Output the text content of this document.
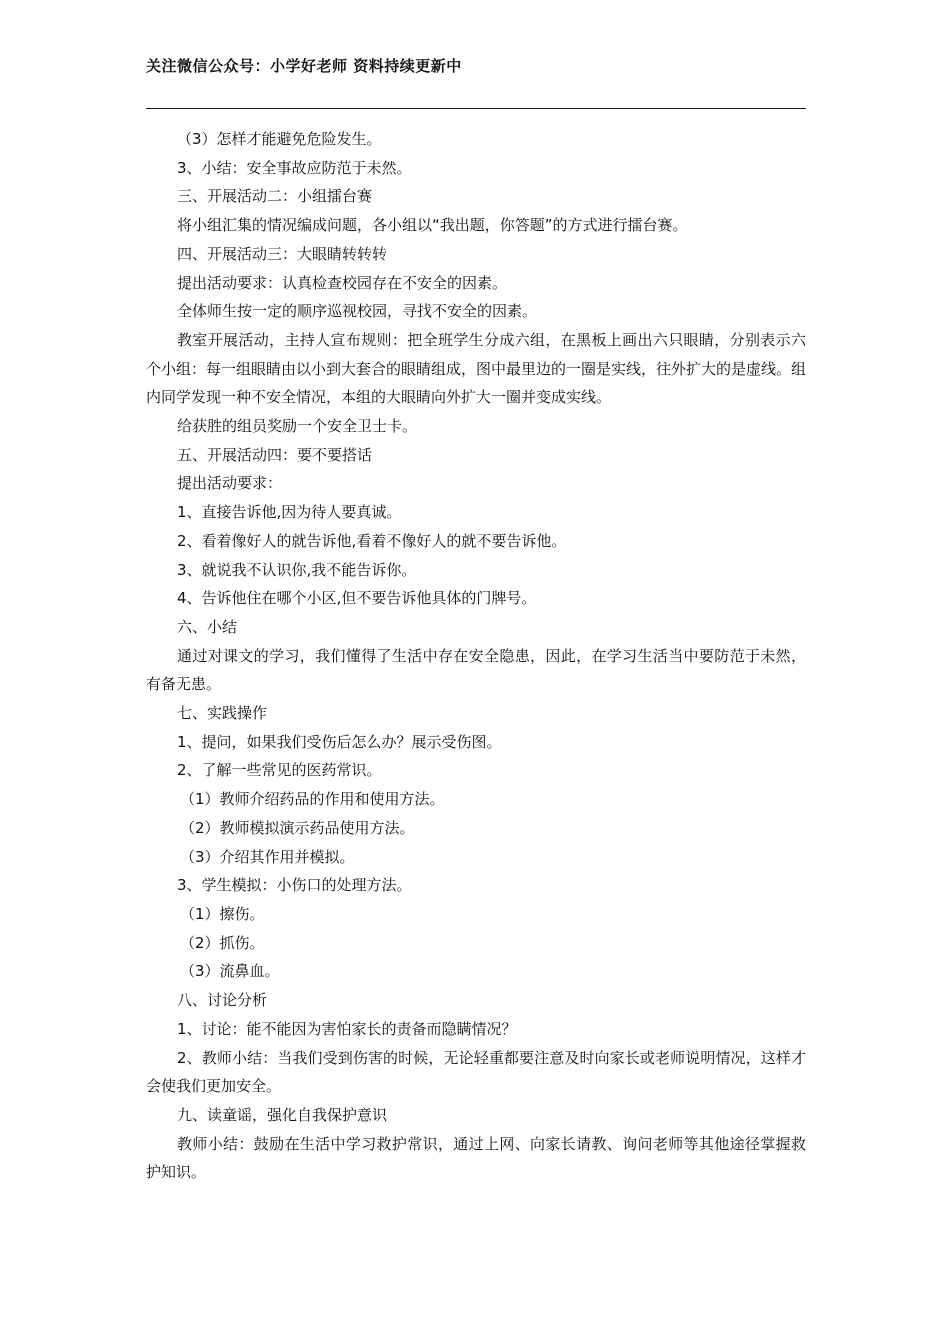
关注微信公众号：小学好老师 资料持续更新中

（3）怎样才能避免危险发生。

3、小结：安全事故应防范于未然。

三、开展活动二：小组擂台赛

将小组汇集的情况编成问题，各小组以“我出题，你答题”的方式进行擂台赛。

四、开展活动三：大眼睛转转转

提出活动要求：认真检查校园存在不安全的因素。

全体师生按一定的顺序巡视校园，寻找不安全的因素。

教室开展活动，主持人宣布规则：把全班学生分成六组，在黑板上画出六只眼睛，分别表示六个小组：每一组眼睛由以小到大套合的眼睛组成，图中最里边的一圈是实线，往外扩大的是虚线。组内同学发现一种不安全情况，本组的大眼睛向外扩大一圈并变成实线。

给获胜的组员奖励一个安全卫士卡。

五、开展活动四：要不要搭话

提出活动要求：

1、直接告诉他,因为待人要真诚。

2、看着像好人的就告诉他,看着不像好人的就不要告诉他。

3、就说我不认识你,我不能告诉你。

4、告诉他住在哪个小区,但不要告诉他具体的门牌号。

六、小结

通过对课文的学习，我们懂得了生活中存在安全隐患，因此，在学习生活当中要防范于未然，有备无患。

七、实践操作

1、提问，如果我们受伤后怎么办？展示受伤图。

2、了解一些常见的医药常识。

（1）教师介绍药品的作用和使用方法。

（2）教师模拟演示药品使用方法。

（3）介绍其作用并模拟。

3、学生模拟：小伤口的处理方法。

（1）擦伤。

（2）抓伤。

（3）流鼻血。

八、讨论分析

1、讨论：能不能因为害怕家长的责备而隐瞒情况？

2、教师小结：当我们受到伤害的时候，无论轻重都要注意及时向家长或老师说明情况，这样才会使我们更加安全。

九、读童谣，强化自我保护意识

教师小结：鼓励在生活中学习救护常识，通过上网、向家长请教、询问老师等其他途径掌握救护知识。
